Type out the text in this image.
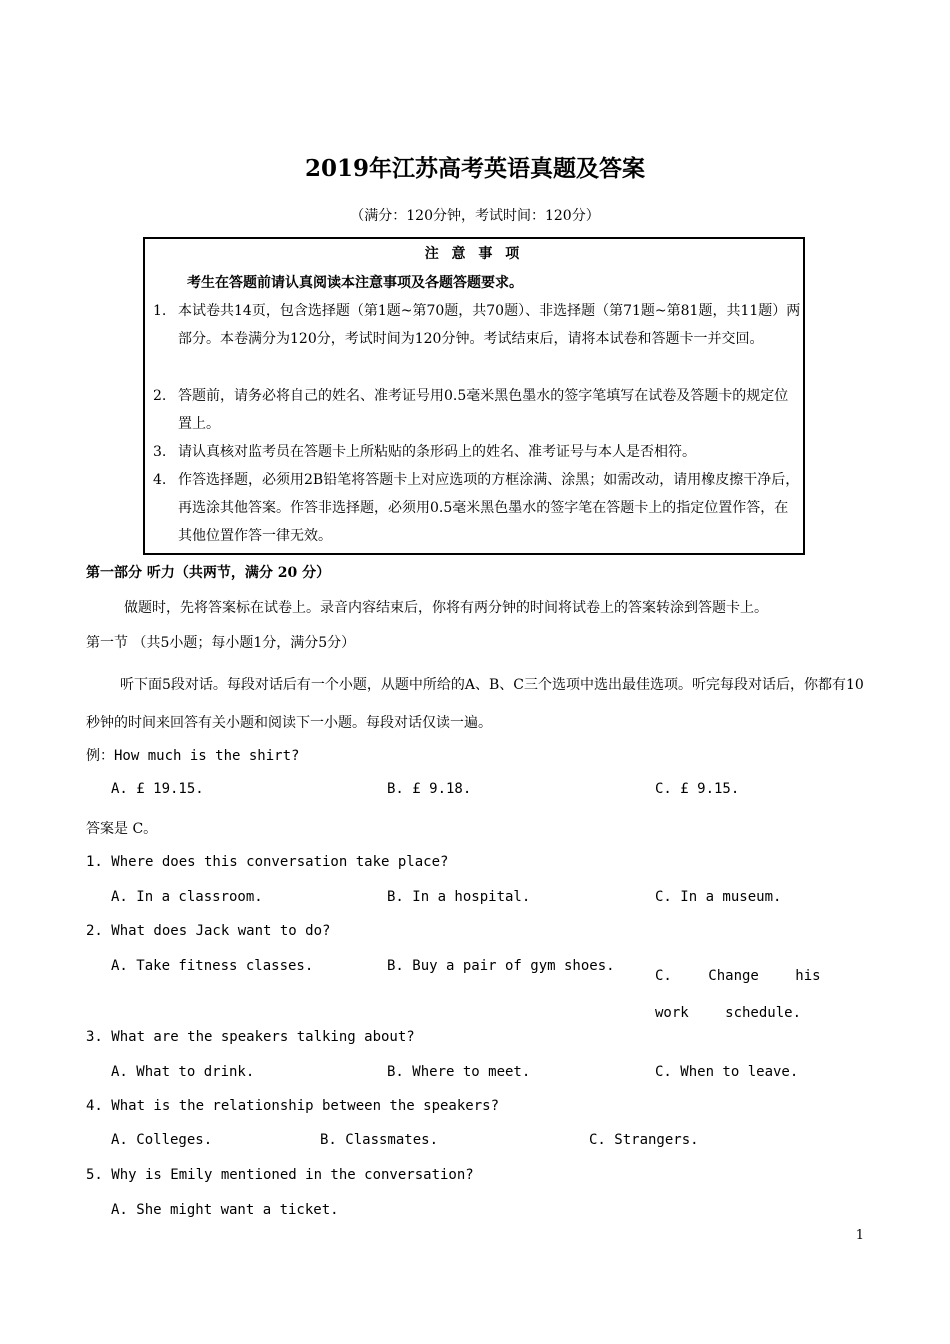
2019年江苏高考英语真题及答案
（满分：120分钟，考试时间：120分）
注 意 事 项
考生在答题前请认真阅读本注意事项及各题答题要求。
1. 本试卷共14页，包含选择题（第1题~第70题，共70题）、非选择题（第71题~第81题，共11题）两部分。本卷满分为120分，考试时间为120分钟。考试结束后，请将本试卷和答题卡一并交回。
2. 答题前，请务必将自己的姓名、准考证号用0.5毫米黑色墨水的签字笔填写在试卷及答题卡的规定位置上。
3. 请认真核对监考员在答题卡上所粘贴的条形码上的姓名、准考证号与本人是否相符。
4. 作答选择题，必须用2B铅笔将答题卡上对应选项的方框涂满、涂黑；如需改动，请用橡皮擦干净后，再选涂其他答案。作答非选择题，必须用0.5毫米黑色墨水的签字笔在答题卡上的指定位置作答，在其他位置作答一律无效。
第一部分 听力（共两节，满分 20 分）
做题时，先将答案标在试卷上。录音内容结束后，你将有两分钟的时间将试卷上的答案转涂到答题卡上。
第一节 （共5小题；每小题1分，满分5分）
听下面5段对话。每段对话后有一个小题，从题中所给的A、B、C三个选项中选出最佳选项。听完每段对话后，你都有10秒钟的时间来回答有关小题和阅读下一小题。每段对话仅读一遍。
例：How much is the shirt?
A. £ 19.15.	B. £ 9.18.	C. £ 9.15.
答案是 C。
1. Where does this conversation take place?
A. In a classroom.	B. In a hospital.	C. In a museum.
2. What does Jack want to do?
A. Take fitness classes.	B. Buy a pair of gym shoes.
C. Change his work schedule.
3. What are the speakers talking about?
A. What to drink.	B. Where to meet.	C. When to leave.
4. What is the relationship between the speakers?
A. Colleges.	B. Classmates.	C. Strangers.
5. Why is Emily mentioned in the conversation?
A. She might want a ticket.
1
